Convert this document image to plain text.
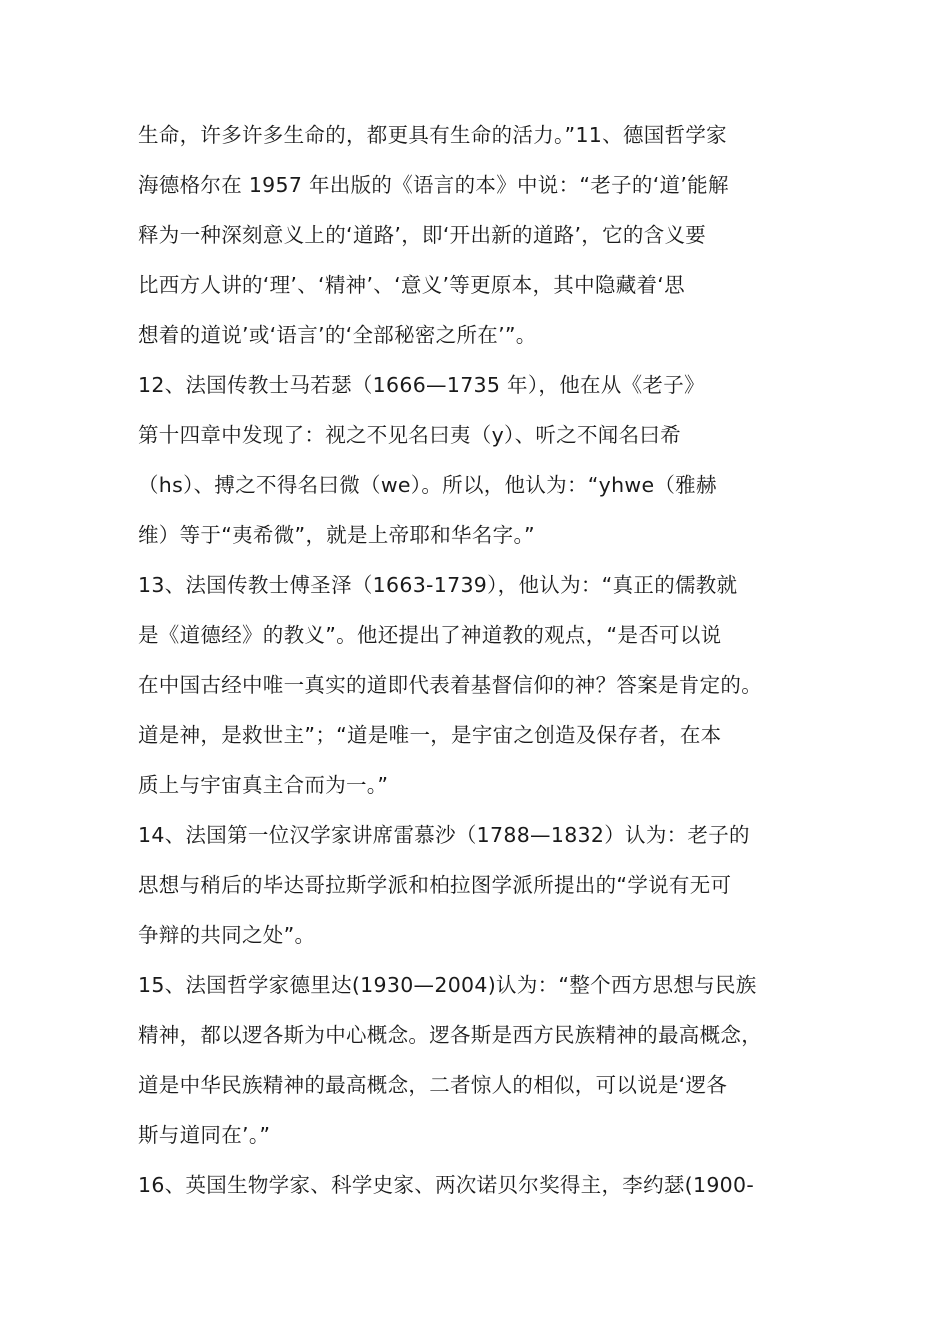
生命，许多许多生命的，都更具有生命的活力。”11、德国哲学家
海德格尔在 1957 年出版的《语言的本》中说：“老子的‘道’能解
释为一种深刻意义上的‘道路’，即‘开出新的道路’，它的含义要
比西方人讲的‘理’、‘精神’、‘意义’等更原本，其中隐藏着‘思
想着的道说’或‘语言’的‘全部秘密之所在’”。
12、法国传教士马若瑟（1666—1735 年），他在从《老子》
第十四章中发现了：视之不见名曰夷（y）、听之不闻名曰希
（hs）、搏之不得名曰微（we）。所以，他认为：“yhwe（雅赫
维）等于“夷希微”，就是上帝耶和华名字。”
13、法国传教士傅圣泽（1663-1739），他认为：“真正的儒教就
是《道德经》的教义”。他还提出了神道教的观点，“是否可以说
在中国古经中唯一真实的道即代表着基督信仰的神？答案是肯定的。
道是神，是救世主”；“道是唯一，是宇宙之创造及保存者，在本
质上与宇宙真主合而为一。”
14、法国第一位汉学家讲席雷慕沙（1788—1832）认为：老子的
思想与稍后的毕达哥拉斯学派和柏拉图学派所提出的“学说有无可
争辩的共同之处”。
15、法国哲学家德里达(1930—2004)认为：“整个西方思想与民族
精神，都以逻各斯为中心概念。逻各斯是西方民族精神的最高概念，
道是中华民族精神的最高概念，二者惊人的相似，可以说是‘逻各
斯与道同在’。”
16、英国生物学家、科学史家、两次诺贝尔奖得主，李约瑟(1900-
